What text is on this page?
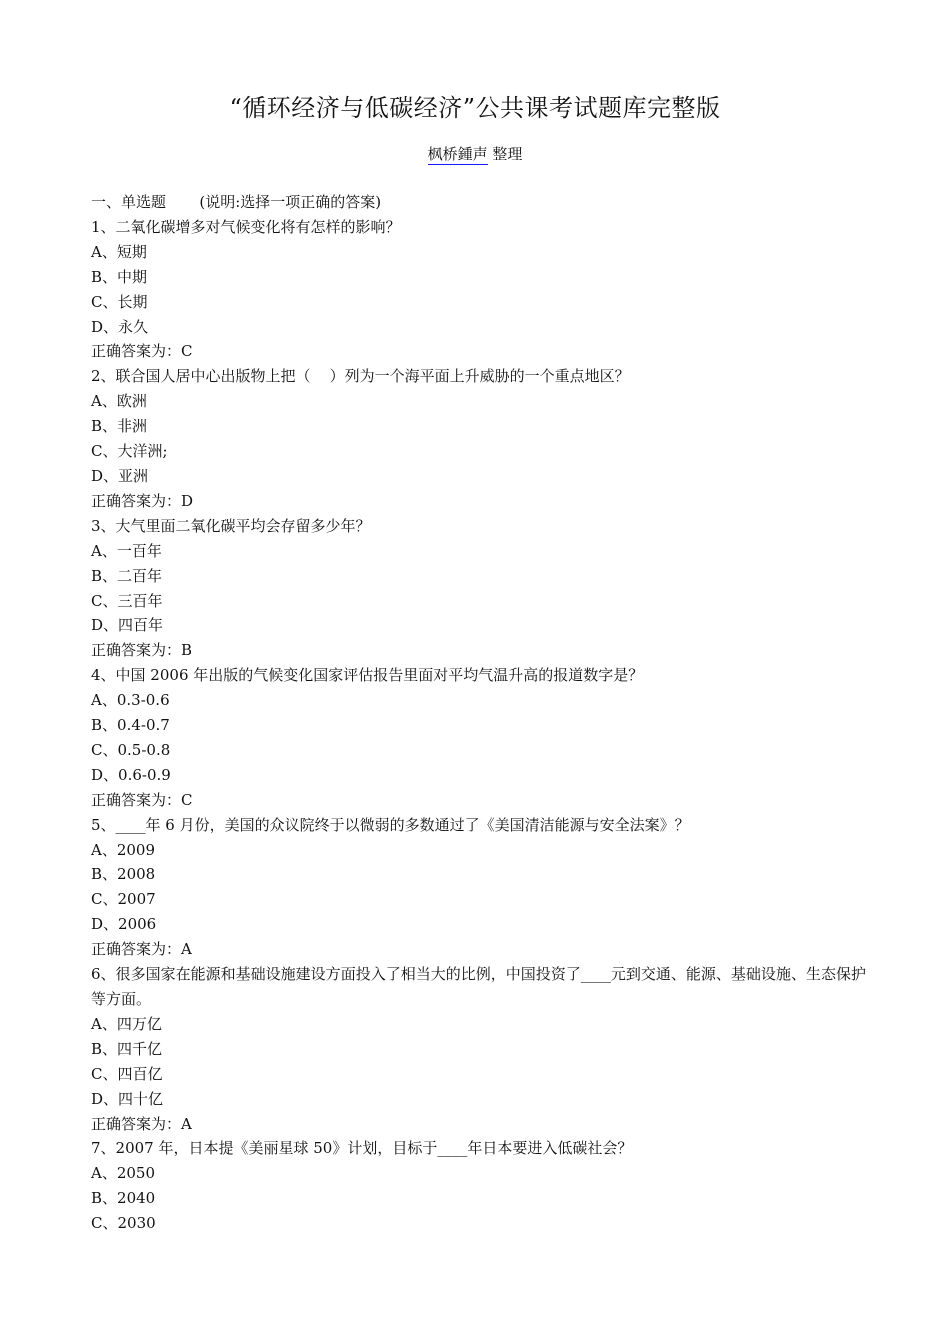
“循环经济与低碳经济”公共课考试题库完整版
枫桥鍾声 整理

一、单选题       (说明:选择一项正确的答案)

1、二氧化碳增多对气候变化将有怎样的影响？

A、短期

B、中期

C、长期

D、永久

正确答案为：C

2、联合国人居中心出版物上把（    ）列为一个海平面上升威胁的一个重点地区？

A、欧洲

B、非洲

C、大洋洲;

D、亚洲

正确答案为：D

3、大气里面二氧化碳平均会存留多少年？

A、一百年

B、二百年

C、三百年

D、四百年

正确答案为：B

4、中国 2006 年出版的气候变化国家评估报告里面对平均气温升高的报道数字是？

A、0.3-0.6

B、0.4-0.7

C、0.5-0.8

D、0.6-0.9

正确答案为：C

5、____年 6 月份，美国的众议院终于以微弱的多数通过了《美国清洁能源与安全法案》？

A、2009

B、2008

C、2007

D、2006

正确答案为：A

6、很多国家在能源和基础设施建设方面投入了相当大的比例，中国投资了____元到交通、能源、基础设施、生态保护等方面。

A、四万亿

B、四千亿

C、四百亿

D、四十亿

正确答案为：A

7、2007 年，日本提《美丽星球 50》计划，目标于____年日本要进入低碳社会？

A、2050

B、2040

C、2030
